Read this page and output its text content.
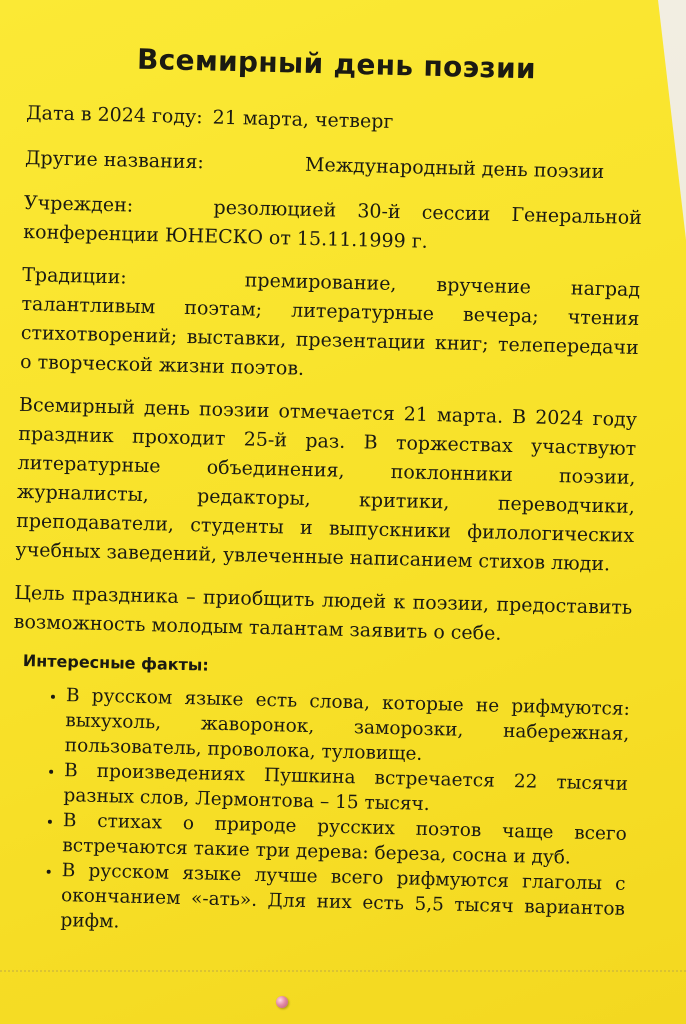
Всемирный день поэзии
Дата в 2024 году: 21 марта, четверг
Другие названия:	Международный день поэзии

Учрежден:   	резолюцией 30-й сессии Генеральной конференции ЮНЕСКО от 15.11.1999 г.

Традиции:   	премирование, вручение наград талантливым поэтам; литературные вечера; чтения стихотворений; выставки, презентации книг; телепередачи о творческой жизни поэтов.

Всемирный день поэзии отмечается 21 марта. В 2024 году праздник проходит 25-й раз. В торжествах участвуют литературные объединения, поклонники поэзии, журналисты, редакторы, критики, переводчики, преподаватели, студенты и выпускники филологических учебных заведений, увлеченные написанием стихов люди.

Цель праздника – приобщить людей к поэзии, предоставить возможность молодым талантам заявить о себе.

Интересные факты:
• В русском языке есть слова, которые не рифмуются: выхухоль, жаворонок, заморозки, набережная, пользователь, проволока, туловище.
• В произведениях Пушкина встречается 22 тысячи разных слов, Лермонтова – 15 тысяч.
• В стихах о природе русских поэтов чаще всего встречаются такие три дерева: береза, сосна и дуб.
• В русском языке лучше всего рифмуются глаголы с окончанием «-ать». Для них есть 5,5 тысяч вариантов рифм.
